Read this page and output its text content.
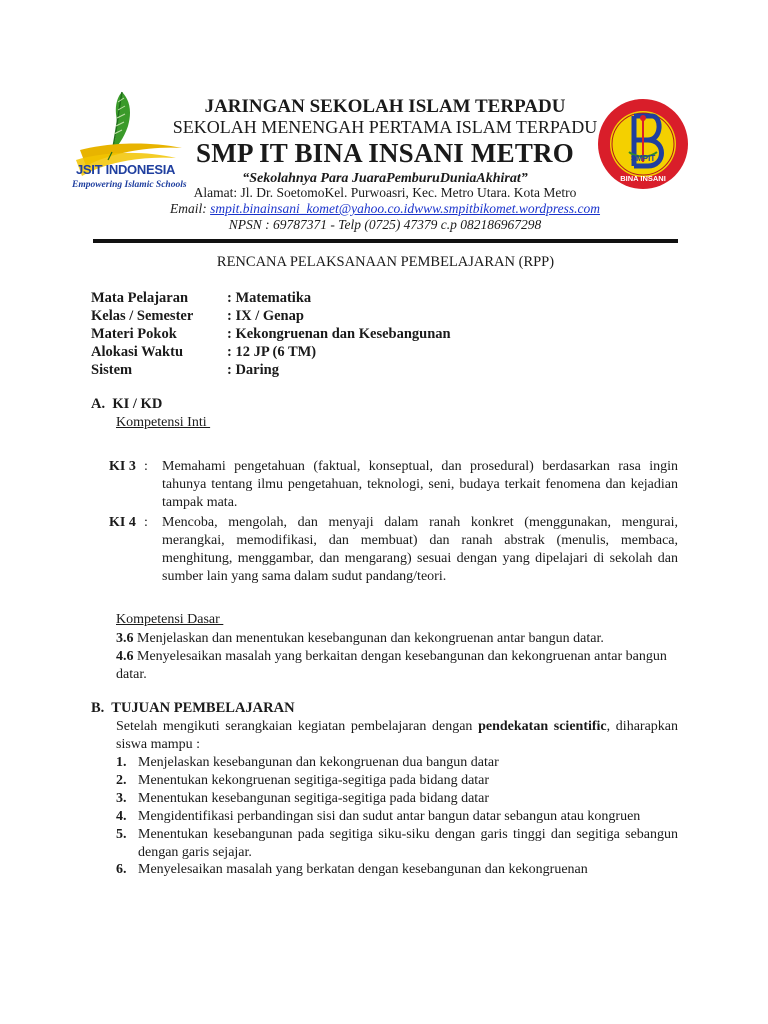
JSIT INDONESIA
Empowering Islamic Schools
SMPIT
BINA INSANI
JARINGAN SEKOLAH ISLAM TERPADU
SEKOLAH MENENGAH PERTAMA ISLAM TERPADU
SMP IT BINA INSANI METRO
“Sekolahnya Para JuaraPemburuDuniaAkhirat”
Alamat: Jl. Dr. SoetomoKel. Purwoasri, Kec. Metro Utara. Kota Metro
Email: smpit.binainsani_komet@yahoo.co.idwww.smpitbikomet.wordpress.com
NPSN : 69787371 - Telp (0725) 47379 c.p 082186967298
RENCANA PELAKSANAAN PEMBELAJARAN (RPP)
Mata Pelajaran	: Matematika
Kelas / Semester : IX / Genap
Materi Pokok	: Kekongruenan dan Kesebangunan
Alokasi Waktu	: 12 JP (6 TM)
Sistem	: Daring
A.  KI / KD
Kompetensi Inti
KI 3 : Memahami pengetahuan (faktual, konseptual, dan prosedural) berdasarkan rasa ingin tahunya tentang ilmu pengetahuan, teknologi, seni, budaya terkait fenomena dan kejadian tampak mata.
KI 4 : Mencoba, mengolah, dan menyaji dalam ranah konkret (menggunakan, mengurai, merangkai, memodifikasi, dan membuat) dan ranah abstrak (menulis, membaca, menghitung, menggambar, dan mengarang) sesuai dengan yang dipelajari di sekolah dan sumber lain yang sama dalam sudut pandang/teori.
Kompetensi Dasar
3.6 Menjelaskan dan menentukan kesebangunan dan kekongruenan antar bangun datar.
4.6 Menyelesaikan masalah yang berkaitan dengan kesebangunan dan kekongruenan antar bangun datar.
B.  TUJUAN PEMBELAJARAN
Setelah mengikuti serangkaian kegiatan pembelajaran dengan pendekatan scientific, diharapkan siswa mampu :
1. Menjelaskan kesebangunan dan kekongruenan dua bangun datar
2. Menentukan kekongruenan segitiga-segitiga pada bidang datar
3. Menentukan kesebangunan segitiga-segitiga pada bidang datar
4. Mengidentifikasi perbandingan sisi dan sudut antar bangun datar sebangun atau kongruen
5. Menentukan kesebangunan pada segitiga siku-siku dengan garis tinggi dan segitiga sebangun dengan garis sejajar.
6. Menyelesaikan masalah yang berkatan dengan kesebangunan dan kekongruenan
